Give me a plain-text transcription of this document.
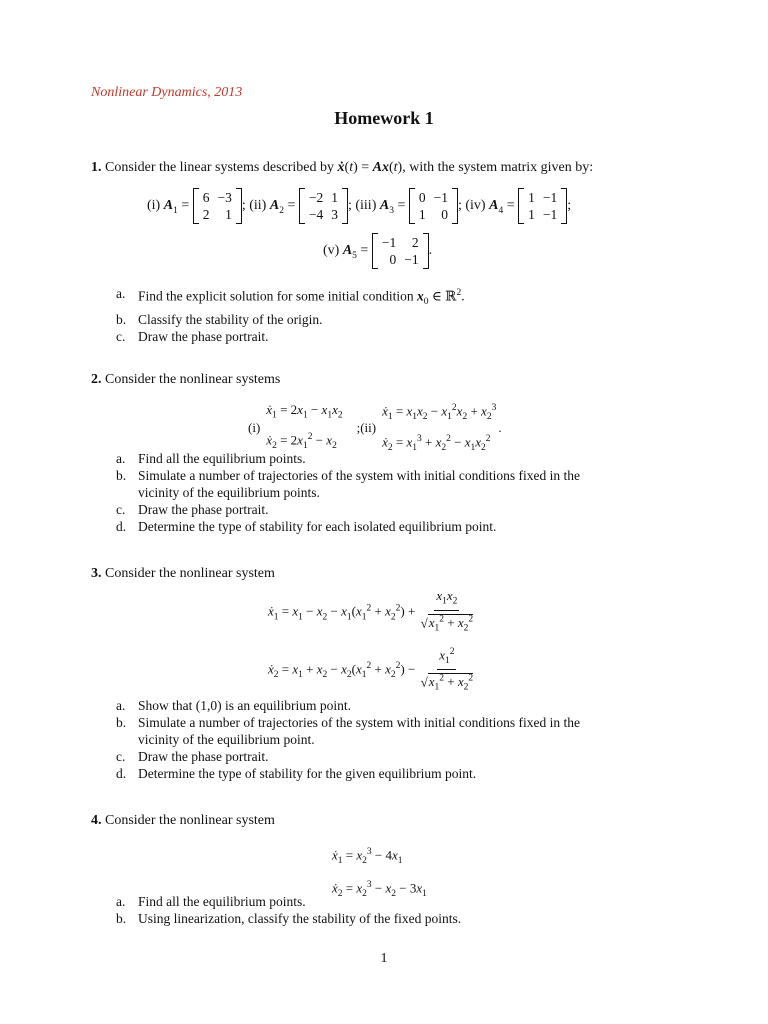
Nonlinear Dynamics, 2013
Homework 1
1. Consider the linear systems described by ẋ(t) = Ax(t), with the system matrix given by:
(i) $A_1$ =
6	−3
2	1
; (ii) $A_2$ =
−2	1
−4	3
; (iii) $A_3$ =
0	−1
1	0
; (iv) $A_4$ =
1	−1
1	−1
;
(v) $A_5$ =
−1	2
0	−1
.
a. Find the explicit solution for some initial condition $x_0$ ∈ ℝ$^2$.
b. Classify the stability of the origin.
c. Draw the phase portrait.
2. Consider the nonlinear systems
(i)
ẋ$_1$ = $2x_1 - x_1x_2$
ẋ$_2$ = $2x_1^2 - x_2$
;(ii)
ẋ$_1$ = $x_1x_2 - x_1^2x_2 + x_2^3$
ẋ$_2$ = $x_1^3 + x_2^2 - x_1x_2^2$
.
a. Find all the equilibrium points.
b. Simulate a number of trajectories of the system with initial conditions fixed in the
vicinity of the equilibrium points.
c. Draw the phase portrait.
d. Determine the type of stability for each isolated equilibrium point.
3. Consider the nonlinear system
ẋ$_1$ = $x_1 - x_2 - x_1(x_1^2 + x_2^2) + \frac{x_1x_2}{√x_1^2 + x_2^2}$
ẋ$_2$ = $x_1 + x_2 - x_2(x_1^2 + x_2^2) - \frac{x_1^2}{√x_1^2 + x_2^2}$
a. Show that (1,0) is an equilibrium point.
b. Simulate a number of trajectories of the system with initial conditions fixed in the
vicinity of the equilibrium point.
c. Draw the phase portrait.
d. Determine the type of stability for the given equilibrium point.
4. Consider the nonlinear system
ẋ$_1$ = $x_2^3 - 4x_1$
ẋ$_2$ = $x_2^3 - x_2 - 3x_1$
a. Find all the equilibrium points.
b. Using linearization, classify the stability of the fixed points.
1
